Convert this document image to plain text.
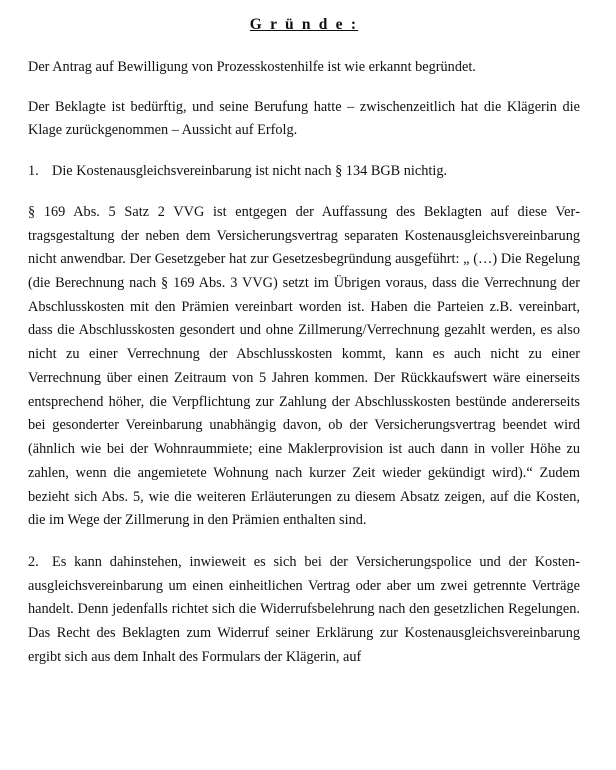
G r ü n d e :

Der Antrag auf Bewilligung von Prozesskostenhilfe ist wie erkannt begründet.

Der Beklagte ist bedürftig, und seine Berufung hatte – zwischenzeitlich hat die Klägerin die Klage zurückgenommen – Aussicht auf Erfolg.

1. Die Kostenausgleichsvereinbarung ist nicht nach § 134 BGB nichtig.

§ 169 Abs. 5 Satz 2 VVG ist entgegen der Auffassung des Beklagten auf diese Vertragsgestaltung der neben dem Versicherungsvertrag separaten Kostenausgleichsvereinbarung nicht anwendbar. Der Gesetzgeber hat zur Gesetzesbegründung ausgeführt: „ (…) Die Regelung (die Berechnung nach § 169 Abs. 3 VVG) setzt im Übrigen voraus, dass die Verrechnung der Abschlusskosten mit den Prämien vereinbart worden ist. Haben die Parteien z.B. vereinbart, dass die Abschlusskosten gesondert und ohne Zillmerung/Verrechnung gezahlt werden, es also nicht zu einer Verrechnung der Abschlusskosten kommt, kann es auch nicht zu einer Verrechnung über einen Zeitraum von 5 Jahren kommen. Der Rückkaufswert wäre einerseits entsprechend höher, die Verpflichtung zur Zahlung der Abschlusskosten bestünde andererseits bei gesonderter Vereinbarung unabhängig davon, ob der Versicherungsvertrag beendet wird (ähnlich wie bei der Wohnraummiete; eine Maklerprovision ist auch dann in voller Höhe zu zahlen, wenn die angemietete Wohnung nach kurzer Zeit wieder gekündigt wird).“ Zudem bezieht sich Abs. 5, wie die weiteren Erläuterungen zu diesem Absatz zeigen, auf die Kosten, die im Wege der Zillmerung in den Prämien enthalten sind.

2. Es kann dahinstehen, inwieweit es sich bei der Versicherungspolice und der Kostenausgleichsvereinbarung um einen einheitlichen Vertrag oder aber um zwei getrennte Verträge handelt. Denn jedenfalls richtet sich die Widerrufsbelehrung nach den gesetzlichen Regelungen. Das Recht des Beklagten zum Widerruf seiner Erklärung zur Kostenausgleichsvereinbarung ergibt sich aus dem Inhalt des Formulars der Klägerin, auf
